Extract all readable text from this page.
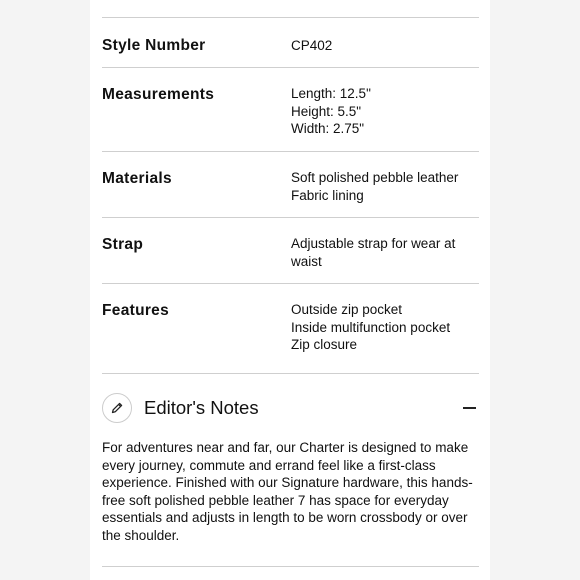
Style Number	CP402
Measurements	Length: 12.5"
Height: 5.5"
Width: 2.75"
Materials	Soft polished pebble leather
Fabric lining
Strap	Adjustable strap for wear at waist
Features	Outside zip pocket
Inside multifunction pocket
Zip closure
Editor's Notes
For adventures near and far, our Charter is designed to make every journey, commute and errand feel like a first-class experience. Finished with our Signature hardware, this hands-free soft polished pebble leather 7 has space for everyday essentials and adjusts in length to be worn crossbody or over the shoulder.
